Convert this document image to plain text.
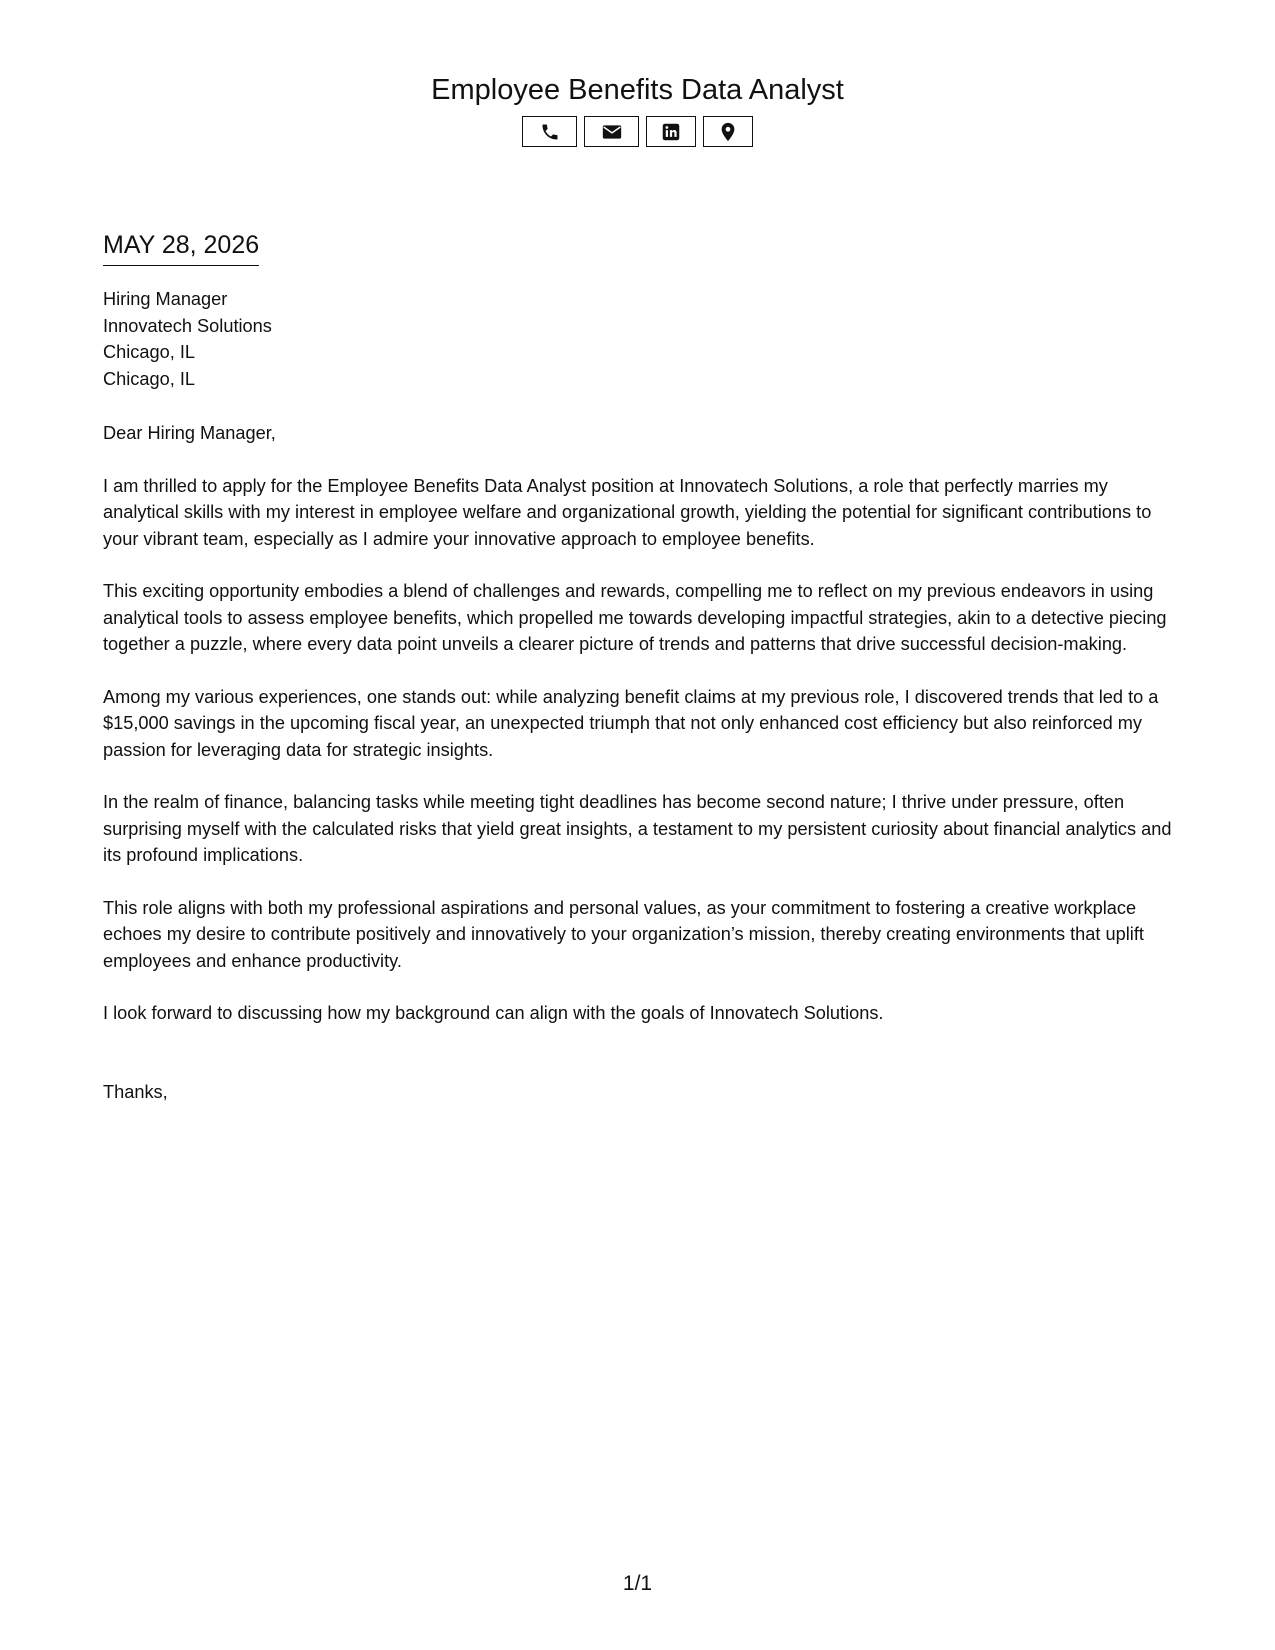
Employee Benefits Data Analyst
MAY 28, 2026
Hiring Manager
Innovatech Solutions
Chicago, IL
Chicago, IL
Dear Hiring Manager,

I am thrilled to apply for the Employee Benefits Data Analyst position at Innovatech Solutions, a role that perfectly marries my analytical skills with my interest in employee welfare and organizational growth, yielding the potential for significant contributions to your vibrant team, especially as I admire your innovative approach to employee benefits.

This exciting opportunity embodies a blend of challenges and rewards, compelling me to reflect on my previous endeavors in using analytical tools to assess employee benefits, which propelled me towards developing impactful strategies, akin to a detective piecing together a puzzle, where every data point unveils a clearer picture of trends and patterns that drive successful decision-making.

Among my various experiences, one stands out: while analyzing benefit claims at my previous role, I discovered trends that led to a $15,000 savings in the upcoming fiscal year, an unexpected triumph that not only enhanced cost efficiency but also reinforced my passion for leveraging data for strategic insights.

In the realm of finance, balancing tasks while meeting tight deadlines has become second nature; I thrive under pressure, often surprising myself with the calculated risks that yield great insights, a testament to my persistent curiosity about financial analytics and its profound implications.

This role aligns with both my professional aspirations and personal values, as your commitment to fostering a creative workplace echoes my desire to contribute positively and innovatively to your organization’s mission, thereby creating environments that uplift employees and enhance productivity.

I look forward to discussing how my background can align with the goals of Innovatech Solutions.

Thanks,
1/1
